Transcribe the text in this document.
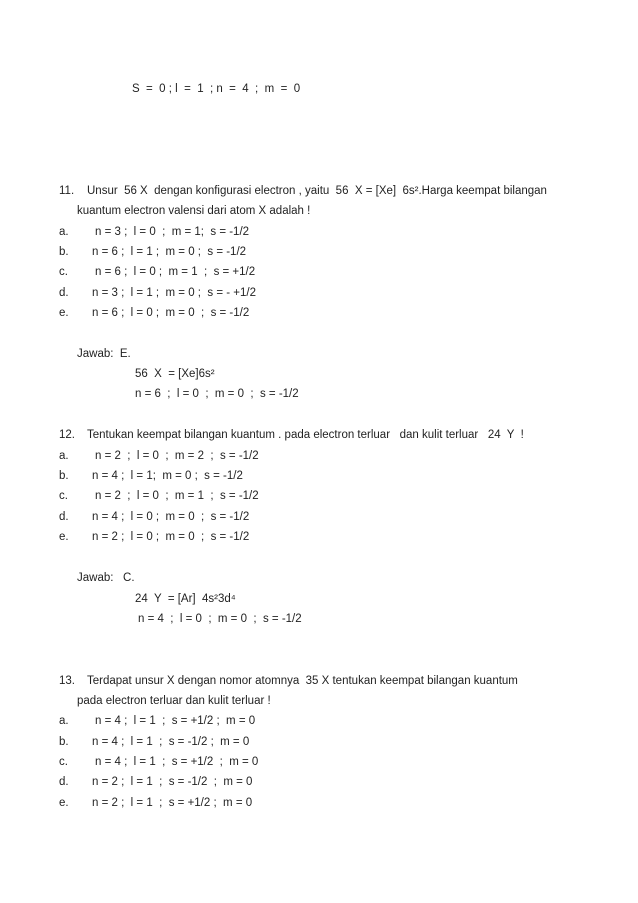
S  =  0 ; l  =  1  ; n  =  4  ;  m  =  0
11. Unsur  56 X  dengan konfigurasi electron , yaitu  56  X = [Xe]  6s².Harga keempat bilangan
kuantum electron valensi dari atom X adalah !
a. n = 3 ;  l = 0  ;  m = 1;  s = -1/2
b. n = 6 ;  l = 1 ;  m = 0 ;  s = -1/2
c. n = 6 ;  l = 0 ;  m = 1  ;  s = +1/2
d. n = 3 ;  l = 1 ;  m = 0 ;  s = - +1/2
e. n = 6 ;  l = 0 ;  m = 0  ;  s = -1/2
Jawab:  E.
56  X  = [Xe]6s²
n = 6  ;  l = 0  ;  m = 0  ;  s = -1/2
12. Tentukan keempat bilangan kuantum . pada electron terluar   dan kulit terluar   24  Y  !
a. n = 2  ;  l = 0  ;  m = 2  ;  s = -1/2
b. n = 4 ;  l = 1;  m = 0 ;  s = -1/2
c. n = 2  ;  l = 0  ;  m = 1  ;  s = -1/2
d. n = 4 ;  l = 0 ;  m = 0  ;  s = -1/2
e. n = 2 ;  l = 0 ;  m = 0  ;  s = -1/2
Jawab:   C.
24  Y  = [Ar]  4s²3d⁴
n = 4  ;  l = 0  ;  m = 0  ;  s = -1/2
13. Terdapat unsur X dengan nomor atomnya  35 X tentukan keempat bilangan kuantum
pada electron terluar dan kulit terluar !
a. n = 4 ;  l = 1  ;  s = +1/2 ;  m = 0
b. n = 4 ;  l = 1  ;  s = -1/2 ;  m = 0
c. n = 4 ;  l = 1  ;  s = +1/2  ;  m = 0
d. n = 2 ;  l = 1  ;  s = -1/2  ;  m = 0
e. n = 2 ;  l = 1  ;  s = +1/2 ;  m = 0
